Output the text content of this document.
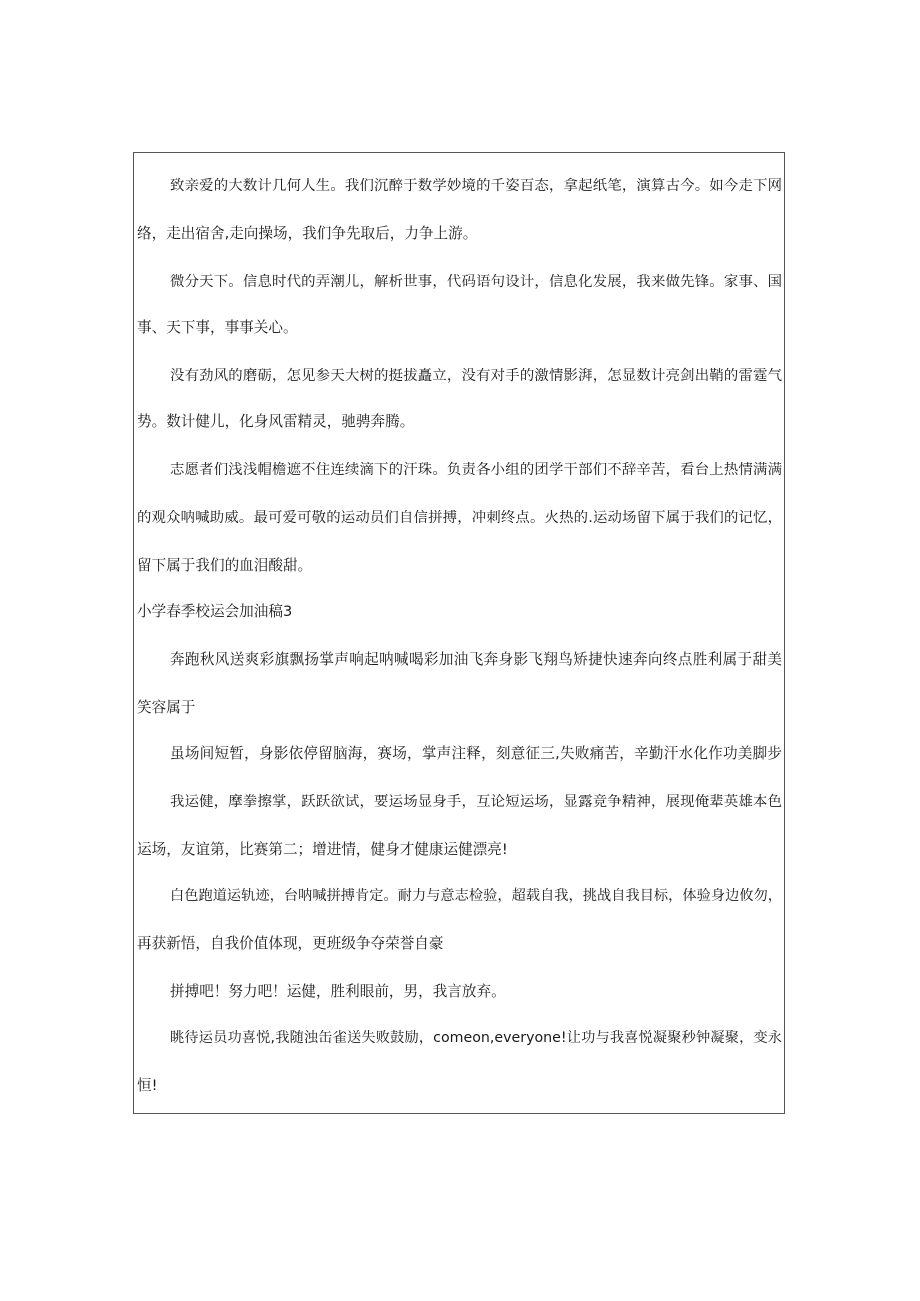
致亲爱的大数计几何人生。我们沉醉于数学妙境的千姿百态，拿起纸笔，演算古今。如今走下网
络，走出宿舍,走向操场，我们争先取后，力争上游。
微分天下。信息时代的弄潮儿，解析世事，代码语句设计，信息化发展，我来做先锋。家事、国
事、天下事，事事关心。
没有劲风的磨砺，怎见参天大树的挺拔矗立，没有对手的激情影湃，怎显数计亮剑出鞘的雷霆气
势。数计健儿，化身风雷精灵，驰骋奔腾。
志愿者们浅浅帽檐遮不住连续滴下的汗珠。负责各小组的团学干部们不辞辛苦，看台上热情满满
的观众呐喊助威。最可爱可敬的运动员们自信拼搏，冲刺终点。火热的.运动场留下属于我们的记忆，
留下属于我们的血泪酸甜。
小学春季校运会加油稿3
奔跑秋风送爽彩旗飘扬掌声响起呐喊喝彩加油飞奔身影飞翔鸟矫捷快速奔向终点胜利属于甜美
笑容属于
虽场间短暂，身影依停留脑海，赛场，掌声注释，刻意征三,失败痛苦，辛勤汗水化作功美脚步
我运健，摩拳擦掌，跃跃欲试，要运场显身手，互论短运场，显露竞争精神，展现俺辈英雄本色
运场，友谊第，比赛第二；增进情，健身才健康运健漂亮!
白色跑道运轨迹，台呐喊拼搏肯定。耐力与意志检验，超载自我，挑战自我目标，体验身边攸勿，
再获新悟，自我价值体现，更班级争夺荣誉自豪
拼搏吧！努力吧！运健，胜利眼前，男，我言放弃。
眺待运员功喜悦,我随浊缶雀送失败鼓励，comeon,everyone!让功与我喜悦凝聚秒钟凝聚，变永
恒!
